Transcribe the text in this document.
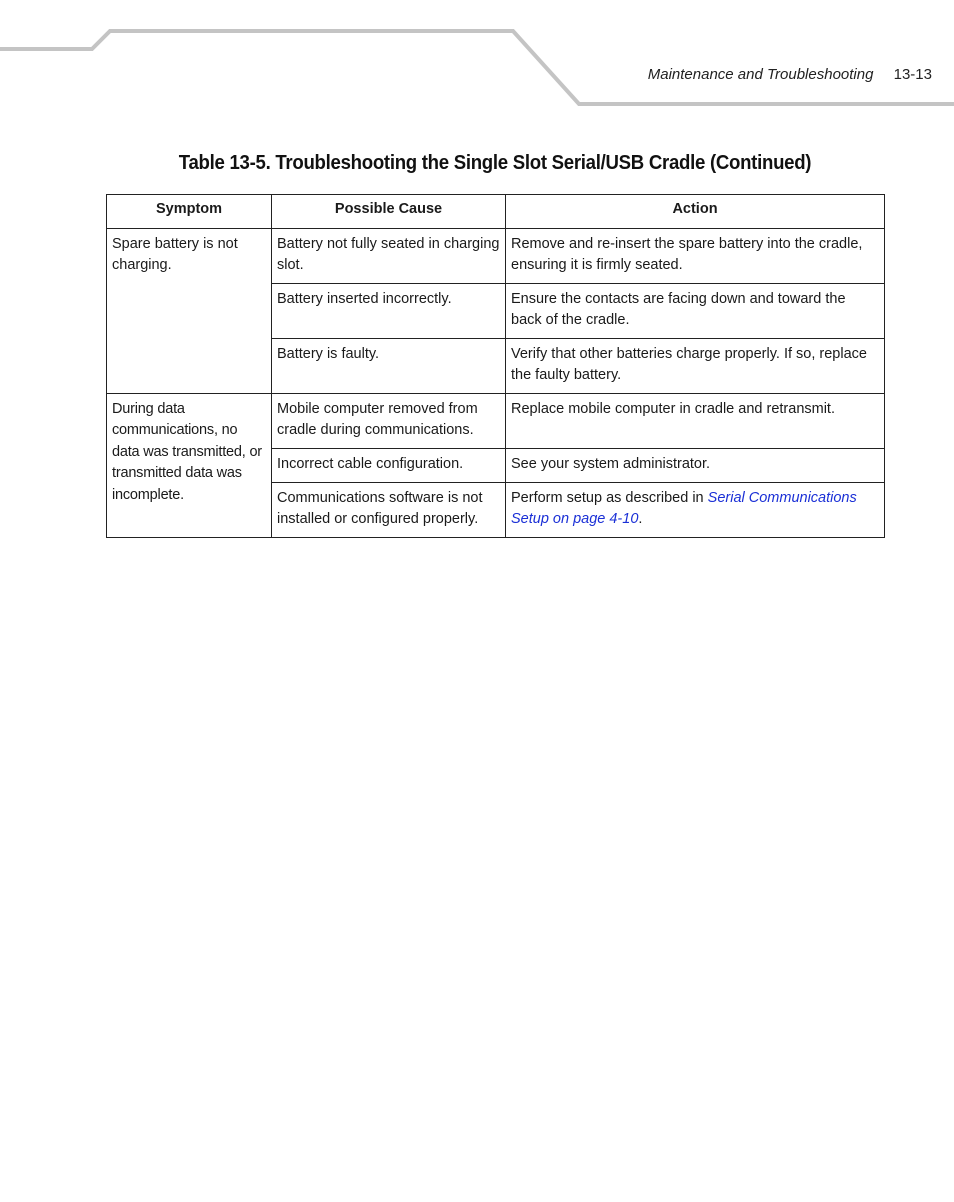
Maintenance and Troubleshooting 13-13
Table 13-5. Troubleshooting the Single Slot Serial/USB Cradle (Continued)
Symptom	Possible Cause	Action
Spare battery is not charging.	Battery not fully seated in charging slot.	Remove and re-insert the spare battery into the cradle, ensuring it is firmly seated.
	Battery inserted incorrectly.	Ensure the contacts are facing down and toward the back of the cradle.
	Battery is faulty.	Verify that other batteries charge properly. If so, replace the faulty battery.
During data communications, no data was transmitted, or transmitted data was incomplete.	Mobile computer removed from cradle during communications.	Replace mobile computer in cradle and retransmit.
	Incorrect cable configuration.	See your system administrator.
	Communications software is not installed or configured properly.	Perform setup as described in Serial Communications Setup on page 4-10.
